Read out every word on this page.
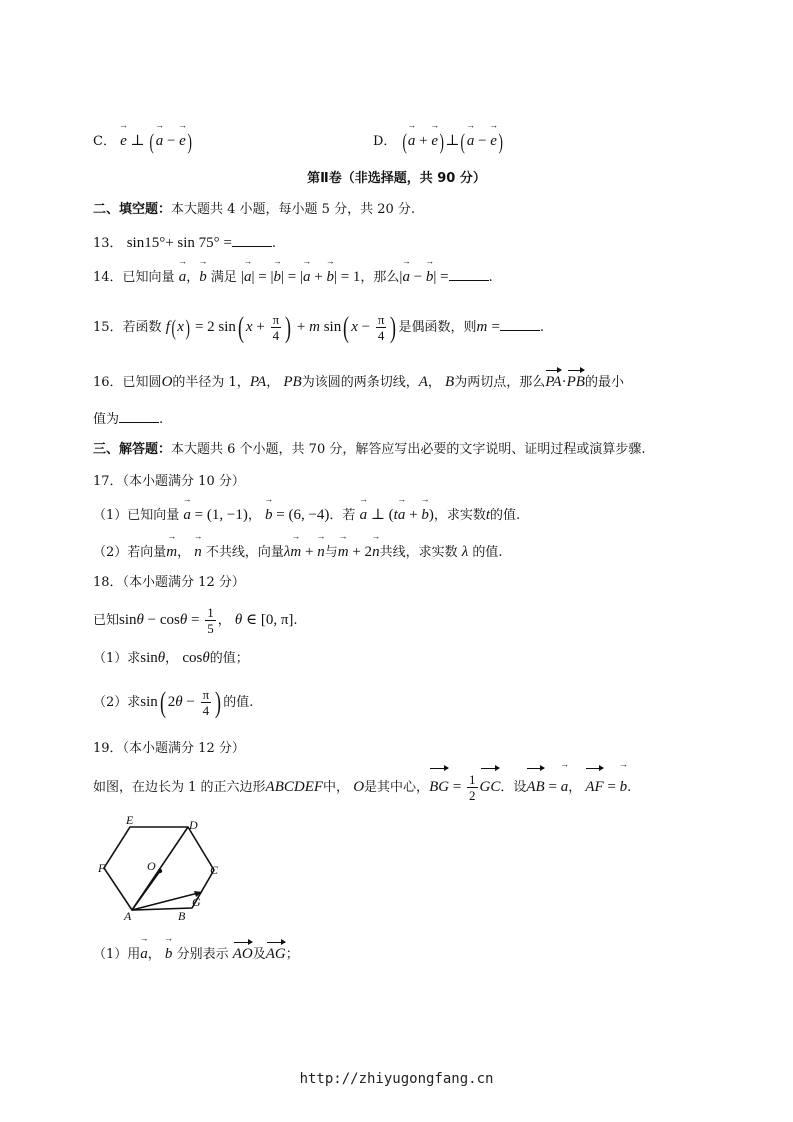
C． → e ⊥ (→ a − → e)	D． (→ a + → e)⊥(→ a − → e)
第Ⅱ卷（非选择题，共 90 分）
二、填空题：本大题共 4 小题，每小题 5 分，共 20 分.
13． sin15°+ sin 75° =	.
14．已知向量 → a，→ b 满足 |→ a| = |→ b| = |→ a + → b| = 1，那么|→ a − → b| =	.
15．若函数 f(x) = 2 sin( $x + \frac{\pi}{4}$ ) + m sin( $x - \frac{\pi}{4}$ ) 是偶函数，则m =	.
16．已知圆O的半径为 1，PA， PB为该圆的两条切线，A， B为两切点，那么PA·PB的最小
值为	.
三、解答题：本大题共 6 个小题，共 70 分，解答应写出必要的文字说明、证明过程或演算步骤.
17．（本小题满分 10 分）
（1）已知向量 → a = (1, −1)， → b = (6, −4)．若 → a ⊥ (t→ a + → b)，求实数t的值.
（2）若向量→ m， → n 不共线，向量λ→ m + → n与→ m + 2→ n共线，求实数 λ 的值.
18．（本小题满分 12 分）
已知$\sin\theta - \cos\theta = \frac{1}{5}$ ， θ ∈ [0, π].
（1）求sinθ， cosθ的值；
（2）求sin( $2\theta - \frac{\pi}{4}$ ) 的值.
19．（本小题满分 12 分）
如图，在边长为 1 的正六边形ABCDEF中， O是其中心，BG = $\frac{1}{2}$ GC．设AB = → a， AF = → b.
E	D
F	O	C
A	B
G
（1）用→ a， → b 分别表示 AO及AG；
http://zhiyugongfang.cn
